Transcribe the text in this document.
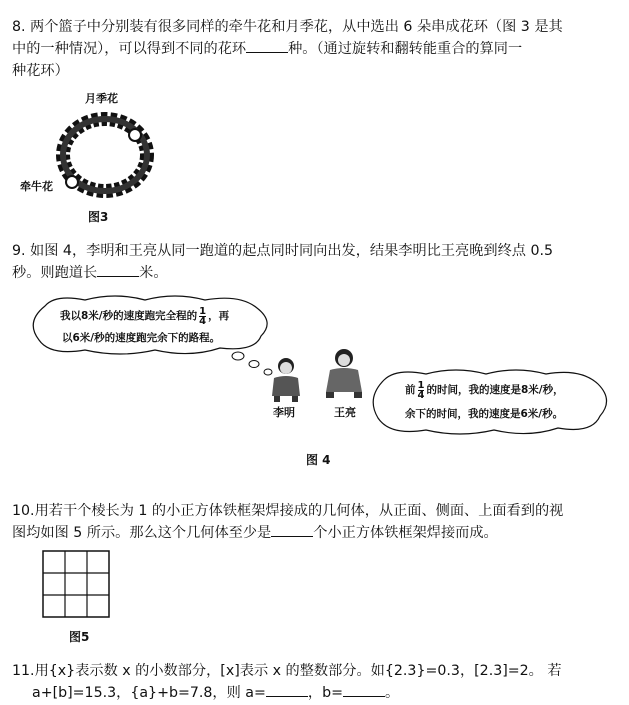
8. 两个篮子中分别装有很多同样的牵牛花和月季花，从中选出 6 朵串成花环（图 3 是其
中的一种情况），可以得到不同的花环	种。（通过旋转和翻转能重合的算同一
种花环）
月季花
牵牛花
图3
9. 如图 4，李明和王亮从同一跑道的起点同时同向出发，结果李明比王亮晚到终点 0.5
秒。则跑道长	米。
我以8米/秒的速度跑完全程的 $\frac{1}{4}$ ，再
以6米/秒的速度跑完余下的路程。
李明	王亮
前 $\frac{1}{4}$ 的时间，我的速度是8米/秒，
余下的时间，我的速度是6米/秒。
图 4
10.用若干个棱长为 1 的小正方体铁框架焊接成的几何体，从正面、侧面、上面看到的视
图均如图 5 所示。那么这个几何体至少是	个小正方体铁框架焊接而成。
图5
11.用{x}表示数 x 的小数部分，[x]表示 x 的整数部分。如{2.3}=0.3，[2.3]=2。 若
a+[b]=15.3，{a}+b=7.8，则 a=	，b=	。
